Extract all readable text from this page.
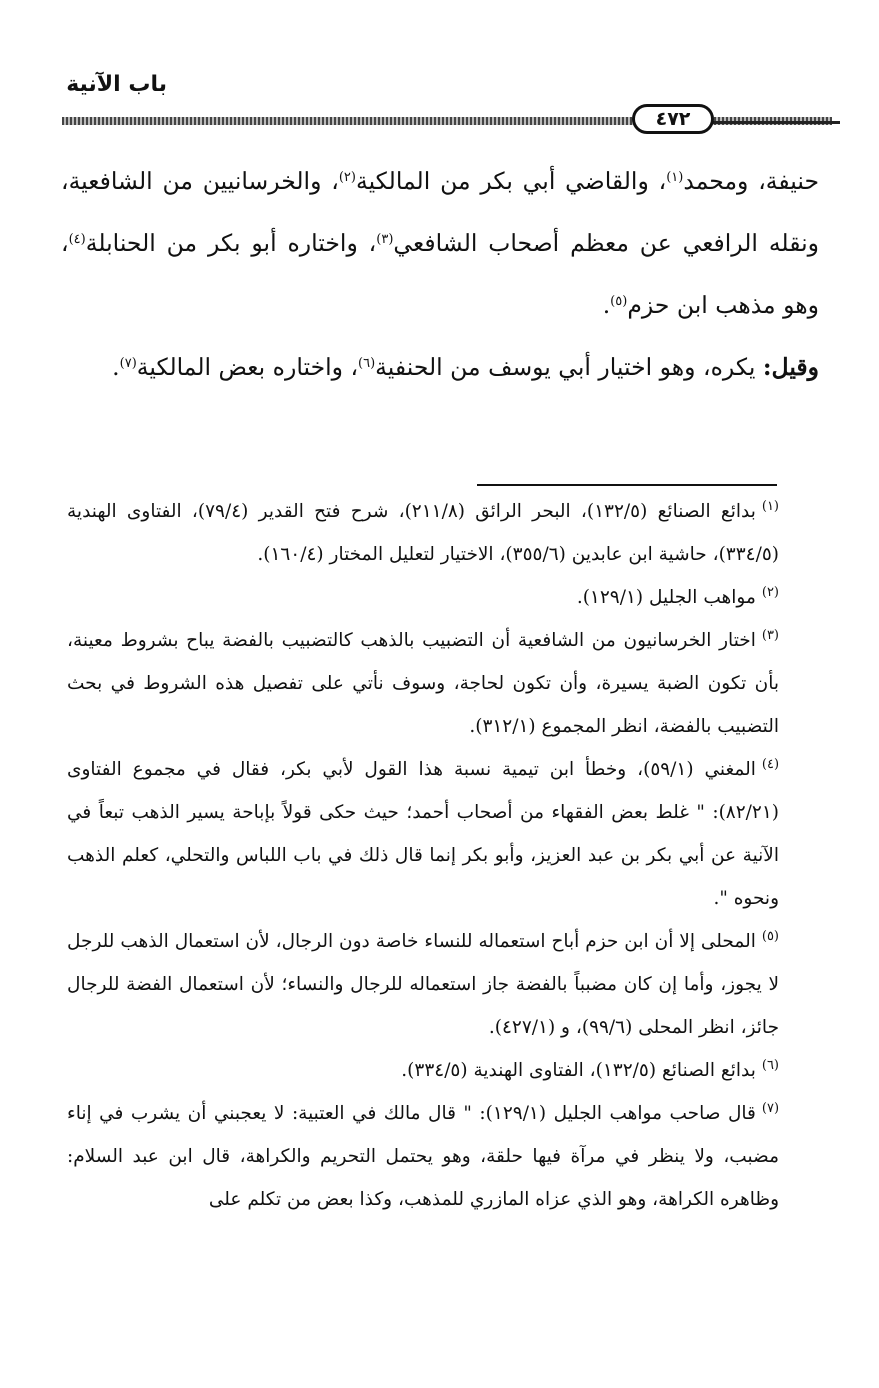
باب الآنية
٤٧٢

حنيفة، ومحمد$^{(١)}$، والقاضي أبي بكر من المالكية$^{(٢)}$، والخرسانيين من الشافعية، ونقله الرافعي عن معظم أصحاب الشافعي$^{(٣)}$، واختاره أبو بكر من الحنابلة$^{(٤)}$، وهو مذهب ابن حزم$^{(٥)}$.

وقيل: يكره، وهو اختيار أبي يوسف من الحنفية$^{(٦)}$، واختاره بعض المالكية$^{(٧)}$.

$^{(١)}$بدائع الصنائع (١٣٢/٥)، البحر الرائق (٢١١/٨)، شرح فتح القدير (٧٩/٤)، الفتاوى الهندية (٣٣٤/٥)، حاشية ابن عابدين (٣٥٥/٦)، الاختيار لتعليل المختار (١٦٠/٤).

$^{(٢)}$مواهب الجليل (١٢٩/١).

$^{(٣)}$اختار الخرسانيون من الشافعية أن التضبيب بالذهب كالتضبيب بالفضة يباح بشروط معينة، بأن تكون الضبة يسيرة، وأن تكون لحاجة، وسوف نأتي على تفصيل هذه الشروط في بحث التضبيب بالفضة، انظر المجموع (٣١٢/١).

$^{(٤)}$المغني (٥٩/١)، وخطأ ابن تيمية نسبة هذا القول لأبي بكر، فقال في مجموع الفتاوى (٨٢/٢١): " غلط بعض الفقهاء من أصحاب أحمد؛ حيث حكى قولاً بإباحة يسير الذهب تبعاً في الآنية عن أبي بكر بن عبد العزيز، وأبو بكر إنما قال ذلك في باب اللباس والتحلي، كعلم الذهب ونحوه ".

$^{(٥)}$المحلى إلا أن ابن حزم أباح استعماله للنساء خاصة دون الرجال، لأن استعمال الذهب للرجل لا يجوز، وأما إن كان مضبباً بالفضة جاز استعماله للرجال والنساء؛ لأن استعمال الفضة للرجال جائز، انظر المحلى (٩٩/٦)، و (٤٢٧/١).

$^{(٦)}$بدائع الصنائع (١٣٢/٥)، الفتاوى الهندية (٣٣٤/٥).

$^{(٧)}$قال صاحب مواهب الجليل (١٢٩/١): " قال مالك في العتبية: لا يعجبني أن يشرب في إناء مضبب، ولا ينظر في مرآة فيها حلقة، وهو يحتمل التحريم والكراهة، قال ابن عبد السلام: وظاهره الكراهة، وهو الذي عزاه المازري للمذهب، وكذا بعض من تكلم على
